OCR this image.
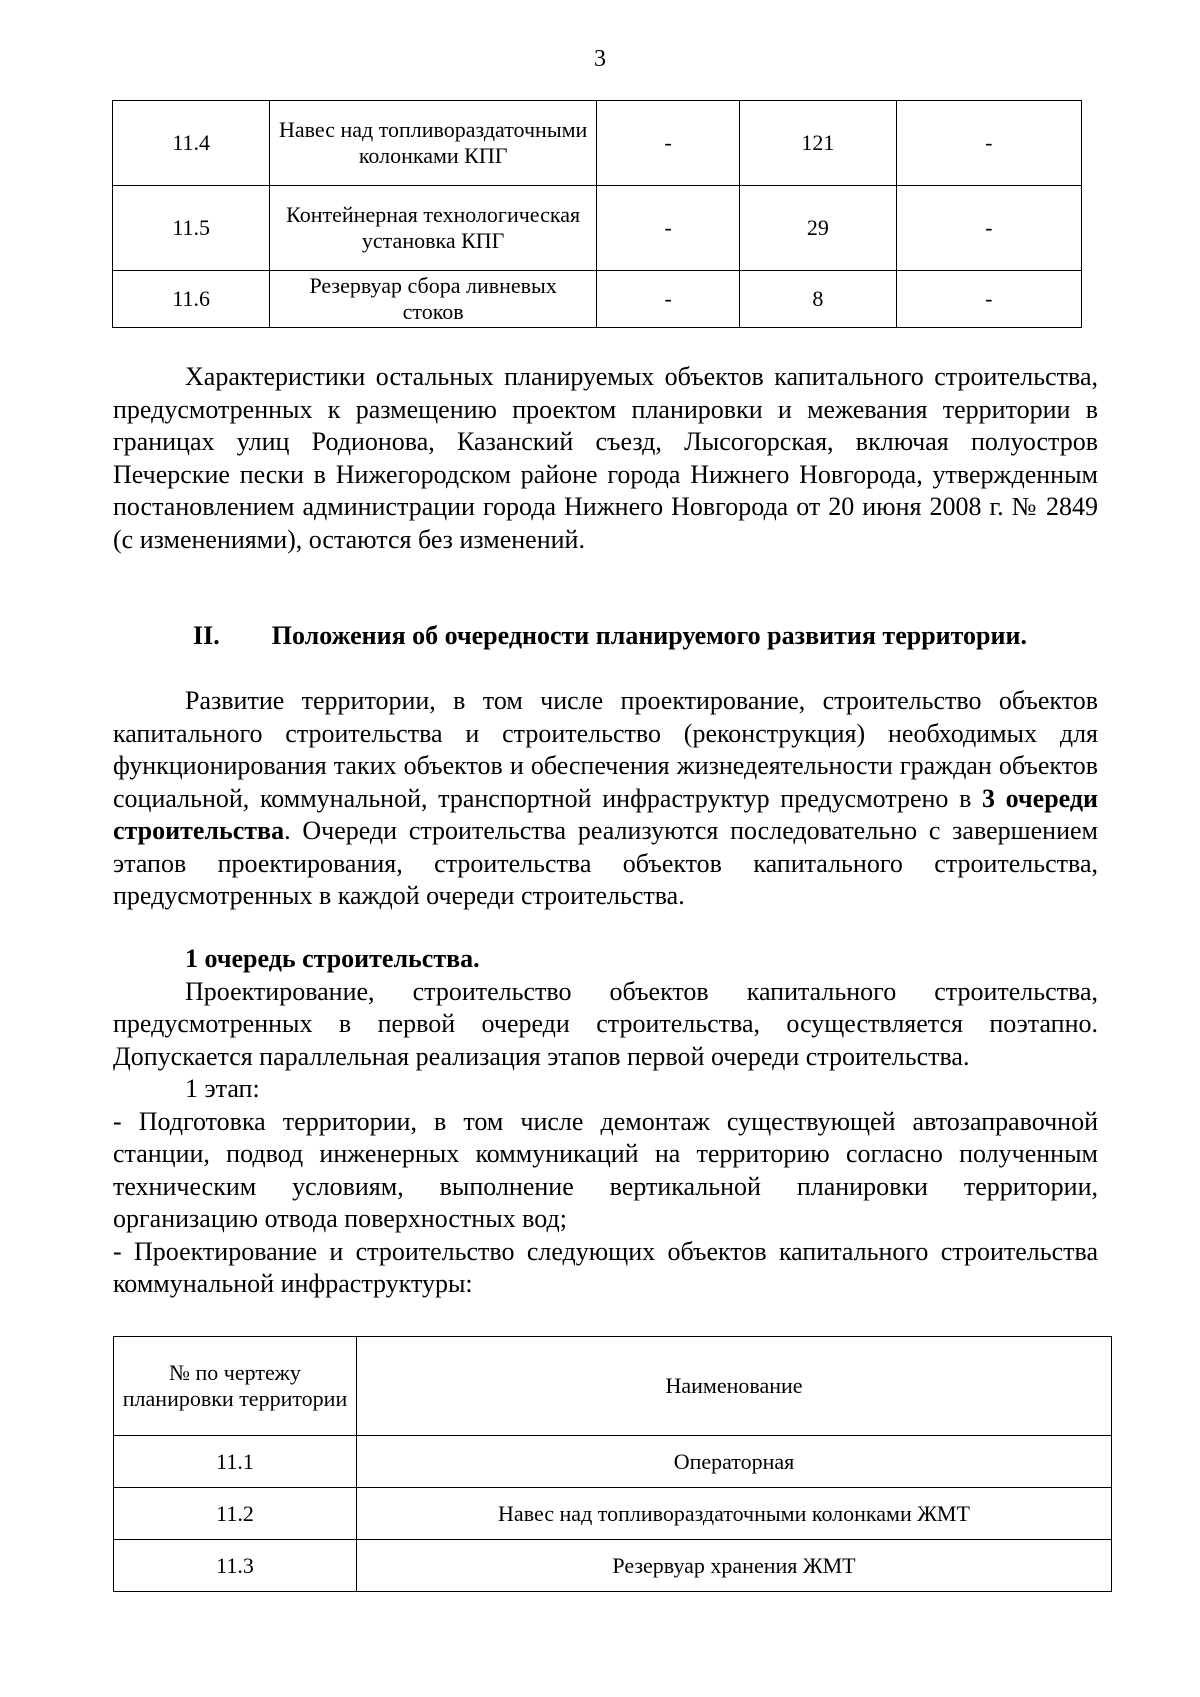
3
11.4	Навес над топливораздаточными колонками КПГ	-	121	-
11.5	Контейнерная технологическая установка КПГ	-	29	-
11.6	Резервуар сбора ливневых стоков	-	8	-

Характеристики остальных планируемых объектов капитального строительства, предусмотренных к размещению проектом планировки и межевания территории в границах улиц Родионова, Казанский съезд, Лысогорская, включая полуостров Печерские пески в Нижегородском районе города Нижнего Новгорода, утвержденным постановлением администрации города Нижнего Новгорода от 20 июня 2008 г. № 2849 (с изменениями), остаются без изменений.

II. Положения об очередности планируемого развития территории.

Развитие территории, в том числе проектирование, строительство объектов капитального строительства и строительство (реконструкция) необходимых для функционирования таких объектов и обеспечения жизнедеятельности граждан объектов социальной, коммунальной, транспортной инфраструктур предусмотрено в 3 очереди строительства. Очереди строительства реализуются последовательно с завершением этапов проектирования, строительства объектов капитального строительства, предусмотренных в каждой очереди строительства.

1 очередь строительства.

Проектирование, строительство объектов капитального строительства, предусмотренных в первой очереди строительства, осуществляется поэтапно. Допускается параллельная реализация этапов первой очереди строительства.

1 этап:

- Подготовка территории, в том числе демонтаж существующей автозаправочной станции, подвод инженерных коммуникаций на территорию согласно полученным техническим условиям, выполнение вертикальной планировки территории, организацию отвода поверхностных вод;

- Проектирование и строительство следующих объектов капитального строительства коммунальной инфраструктуры:

№ по чертежу планировки территории	Наименование
11.1	Операторная
11.2	Навес над топливораздаточными колонками ЖМТ
11.3	Резервуар хранения ЖМТ
